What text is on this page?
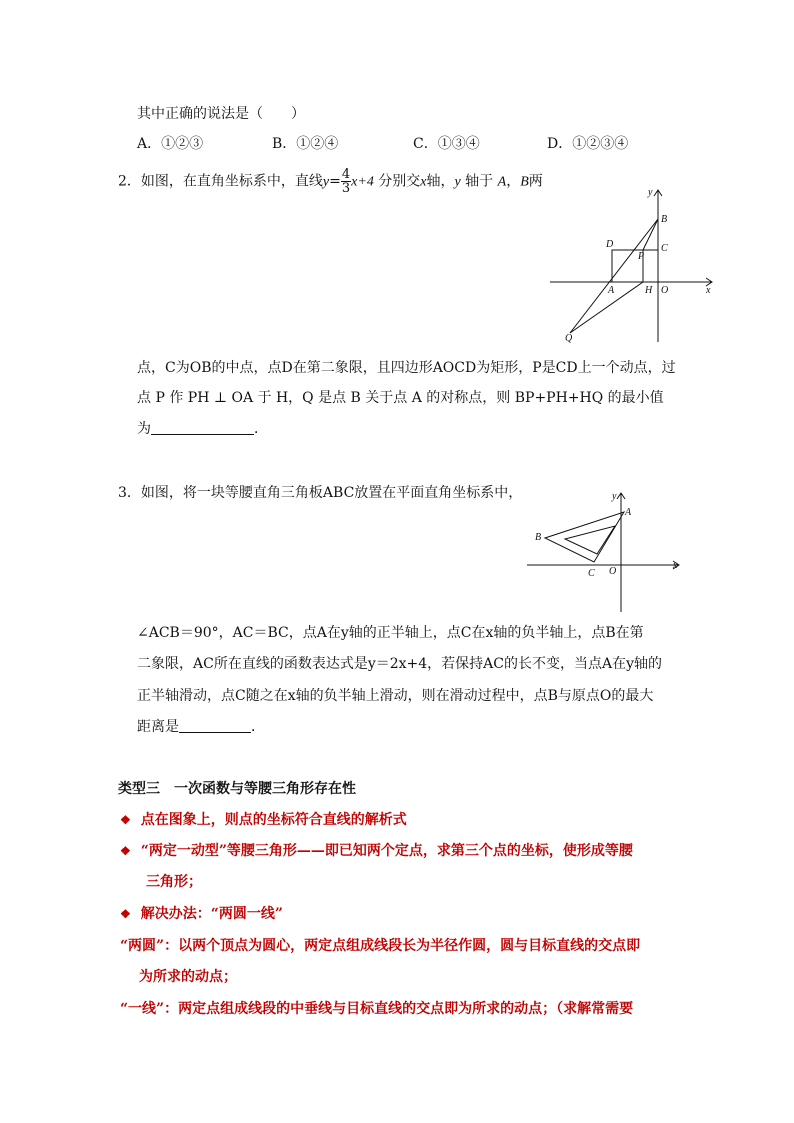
其中正确的说法是（　　）
A．①②③	B．①②④	C．①③④	D．①②③④
2．如图，在直角坐标系中，直线$y= \frac{4}{3} x+4$ 分别交x轴，y 轴于 A，B两
y
x
B
D	C
P
A	H O
Q
点，C为OB的中点，点D在第二象限，且四边形AOCD为矩形，P是CD上一个动点，过
点 P 作 PH ⊥ OA 于 H，Q 是点 B 关于点 A 的对称点，则 BP+PH+HQ 的最小值
为	．
3．如图，将一块等腰直角三角板ABC放置在平面直角坐标系中，	y
x
A
B
C O
∠ACB＝90°，AC＝BC，点A在y轴的正半轴上，点C在x轴的负半轴上，点B在第
二象限，AC所在直线的函数表达式是y＝2x+4，若保持AC的长不变，当点A在y轴的
正半轴滑动，点C随之在x轴的负半轴上滑动，则在滑动过程中，点B与原点O的最大
距离是	．
类型三　一次函数与等腰三角形存在性
❖ 点在图象上，则点的坐标符合直线的解析式
❖ “两定一动型”等腰三角形——即已知两个定点，求第三个点的坐标，使形成等腰
三角形；
❖ 解决办法：“两圆一线”
“两圆”：以两个顶点为圆心，两定点组成线段长为半径作圆，圆与目标直线的交点即
为所求的动点；
“一线”：两定点组成线段的中垂线与目标直线的交点即为所求的动点；（求解常需要
